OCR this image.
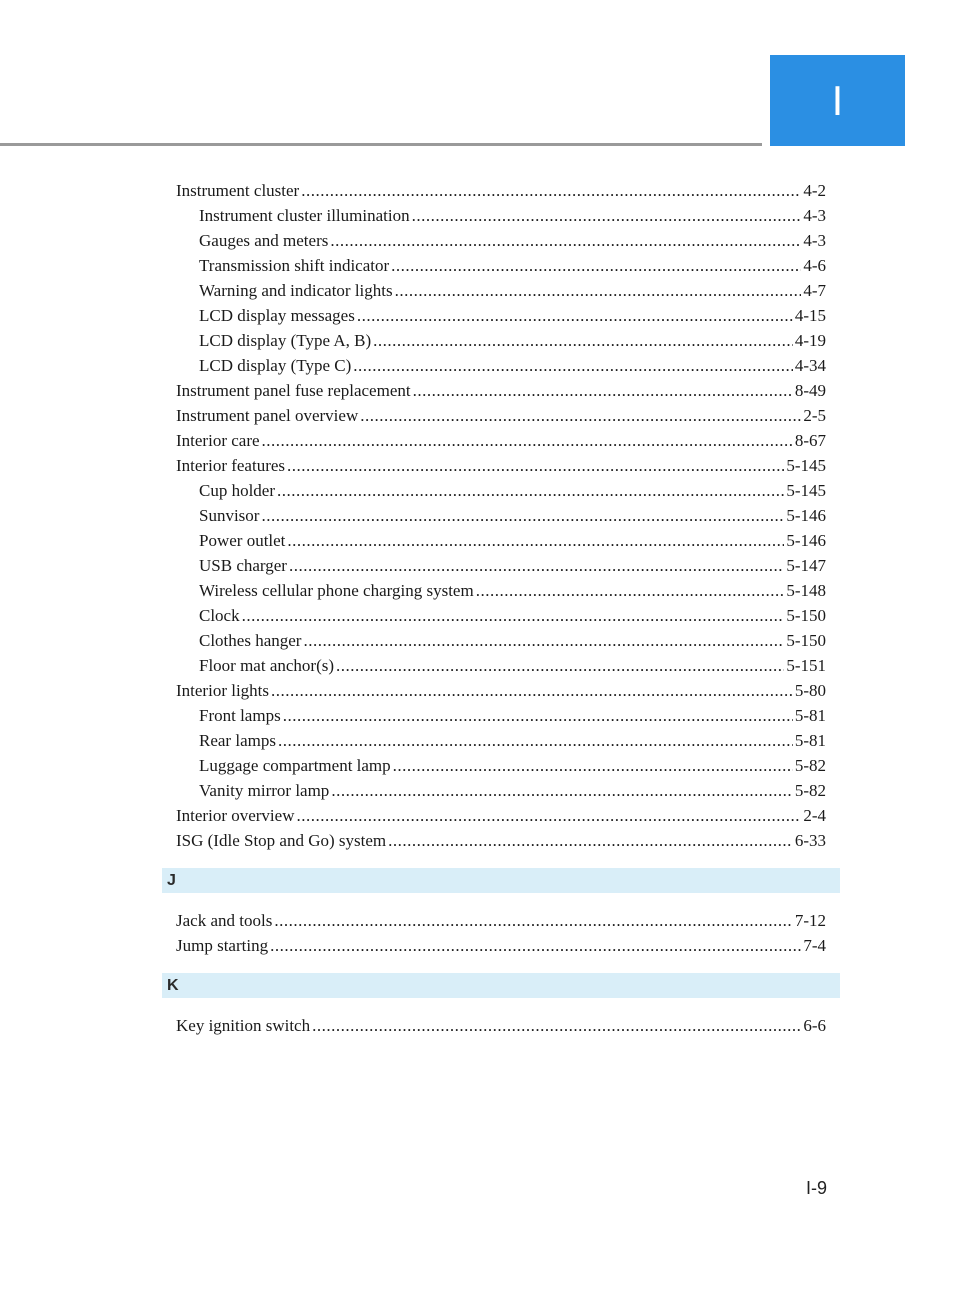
I
Instrument cluster .....	4-2
Instrument cluster illumination .....	4-3
Gauges and meters .....	4-3
Transmission shift indicator .....	4-6
Warning and indicator lights .....	4-7
LCD display messages .....	4-15
LCD display (Type A, B) .....	4-19
LCD display (Type C) .....	4-34
Instrument panel fuse replacement .....	8-49
Instrument panel overview .....	2-5
Interior care .....	8-67
Interior features .....	5-145
Cup holder .....	5-145
Sunvisor .....	5-146
Power outlet .....	5-146
USB charger .....	5-147
Wireless cellular phone charging system .....	5-148
Clock .....	5-150
Clothes hanger .....	5-150
Floor mat anchor(s) .....	5-151
Interior lights .....	5-80
Front lamps .....	5-81
Rear lamps .....	5-81
Luggage compartment lamp .....	5-82
Vanity mirror lamp .....	5-82
Interior overview .....	2-4
ISG (Idle Stop and Go) system .....	6-33
J
Jack and tools .....	7-12
Jump starting .....	7-4
K
Key ignition switch .....	6-6
I-9
